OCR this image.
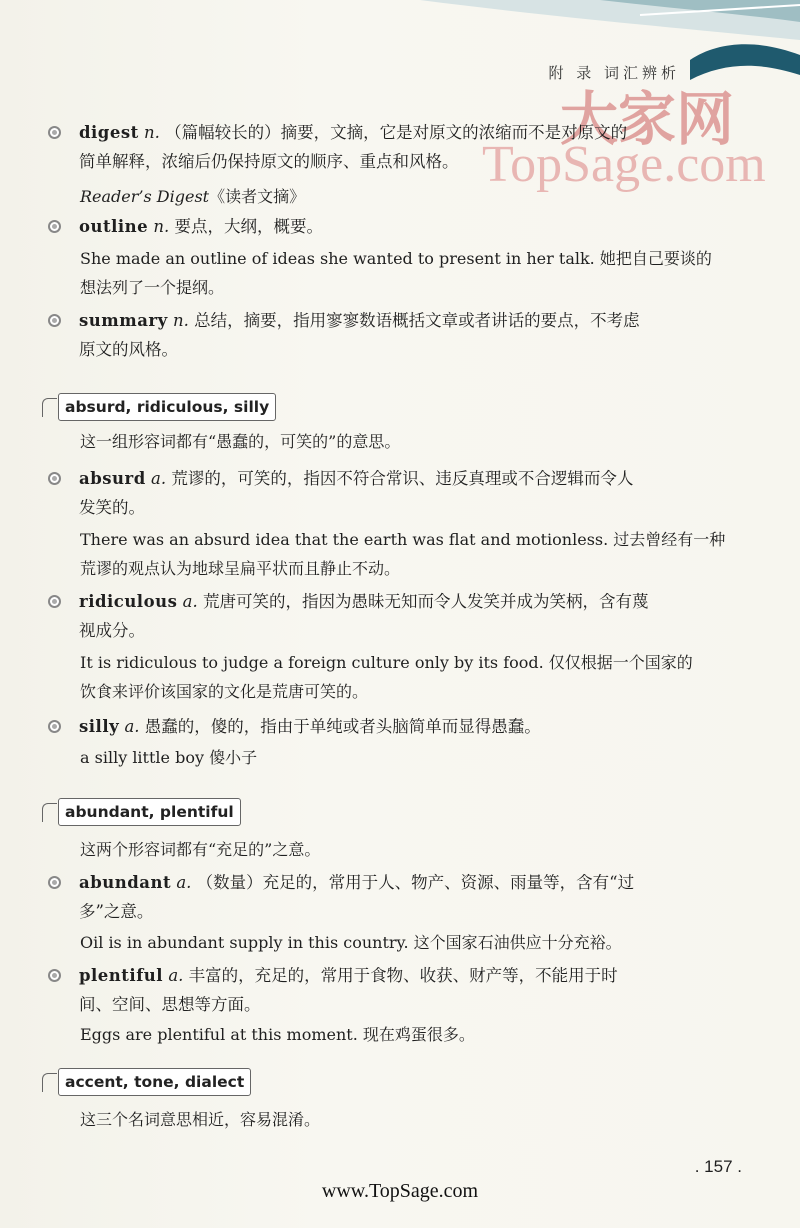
附 录 词汇辨析
大家网
TopSage.com
digest n. （篇幅较长的）摘要，文摘，它是对原文的浓缩而不是对原文的
简单解释，浓缩后仍保持原文的顺序、重点和风格。
Reader’s Digest《读者文摘》
outline n. 要点，大纲，概要。
She made an outline of ideas she wanted to present in her talk. 她把自己要谈的
想法列了一个提纲。
summary n. 总结，摘要，指用寥寥数语概括文章或者讲话的要点，不考虑
原文的风格。
absurd, ridiculous, silly
这一组形容词都有“愚蠢的，可笑的”的意思。
absurd a. 荒谬的，可笑的，指因不符合常识、违反真理或不合逻辑而令人
发笑的。
There was an absurd idea that the earth was flat and motionless. 过去曾经有一种
荒谬的观点认为地球呈扁平状而且静止不动。
ridiculous a. 荒唐可笑的，指因为愚昧无知而令人发笑并成为笑柄，含有蔑
视成分。
It is ridiculous to judge a foreign culture only by its food. 仅仅根据一个国家的
饮食来评价该国家的文化是荒唐可笑的。
silly a. 愚蠢的，傻的，指由于单纯或者头脑简单而显得愚蠢。
a silly little boy 傻小子
abundant, plentiful
这两个形容词都有“充足的”之意。
abundant a. （数量）充足的，常用于人、物产、资源、雨量等，含有“过
多”之意。
Oil is in abundant supply in this country. 这个国家石油供应十分充裕。
plentiful a. 丰富的，充足的，常用于食物、收获、财产等，不能用于时
间、空间、思想等方面。
Eggs are plentiful at this moment. 现在鸡蛋很多。
accent, tone, dialect
这三个名词意思相近，容易混淆。
. 157 .
www.TopSage.com
